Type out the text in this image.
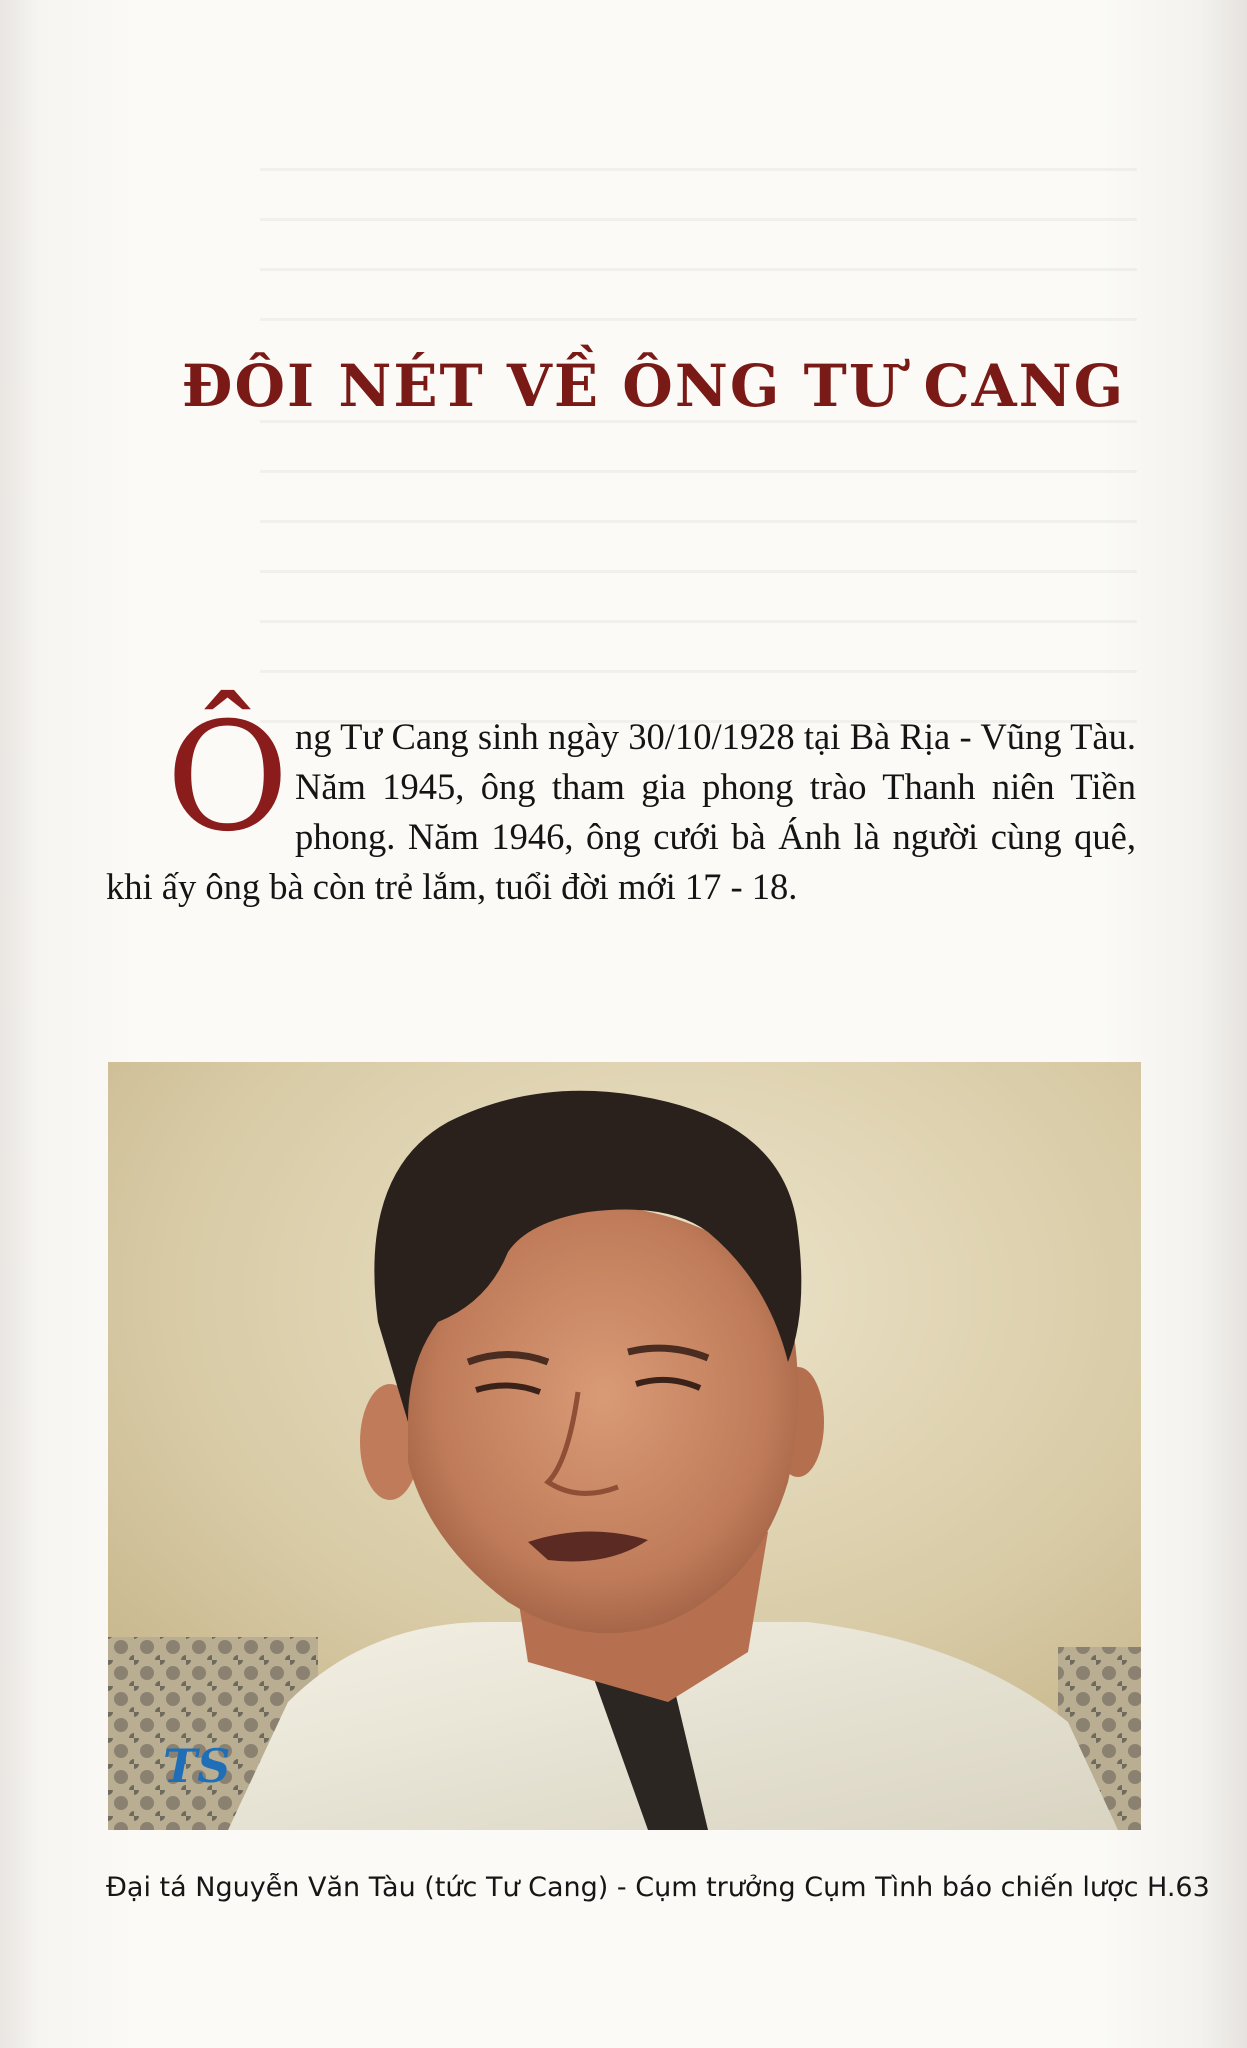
ĐÔI NÉT VỀ ÔNG TƯ CANG
Ông Tư Cang sinh ngày 30/10/1928 tại Bà Rịa - Vũng Tàu. Năm 1945, ông tham gia phong trào Thanh niên Tiền phong. Năm 1946, ông cưới bà Ánh là người cùng quê, khi ấy ông bà còn trẻ lắm, tuổi đời mới 17 - 18.
TS
Đại tá Nguyễn Văn Tàu (tức Tư Cang) - Cụm trưởng Cụm Tình báo chiến lược H.63
